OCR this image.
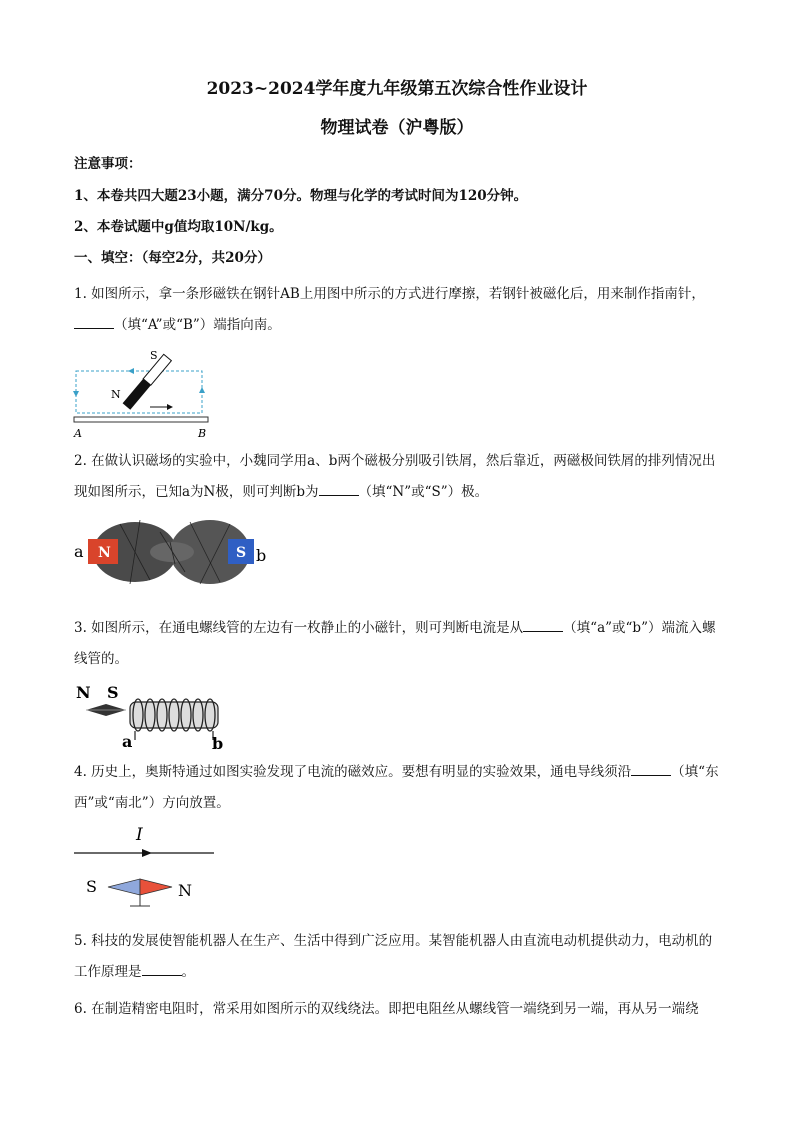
2023~2024学年度九年级第五次综合性作业设计
物理试卷（沪粤版）
注意事项：
1、本卷共四大题23小题，满分70分。物理与化学的考试时间为120分钟。
2、本卷试题中g值均取10N/kg。
一、填空：（每空2分，共20分）
1. 如图所示，拿一条形磁铁在钢针AB上用图中所示的方式进行摩擦，若钢针被磁化后，用来制作指南针，（填“A”或“B”）端指向南。
S
N
A	B
2. 在做认识磁场的实验中，小魏同学用a、b两个磁极分别吸引铁屑，然后靠近，两磁极间铁屑的排列情况出现如图所示，已知a为N极，则可判断b为	（填“N”或“S”）极。
N	S
a	b
3. 如图所示，在通电螺线管的左边有一枚静止的小磁针，则可判断电流是从	（填“a”或“b”）端流入螺线管的。
N S
a	b
4. 历史上，奥斯特通过如图实验发现了电流的磁效应。要想有明显的实验效果，通电导线须沿	（填“东西”或“南北”）方向放置。
I
S	N
5. 科技的发展使智能机器人在生产、生活中得到广泛应用。某智能机器人由直流电动机提供动力，电动机的工作原理是	。
6. 在制造精密电阻时，常采用如图所示的双线绕法。即把电阻丝从螺线管一端绕到另一端，再从另一端绕
